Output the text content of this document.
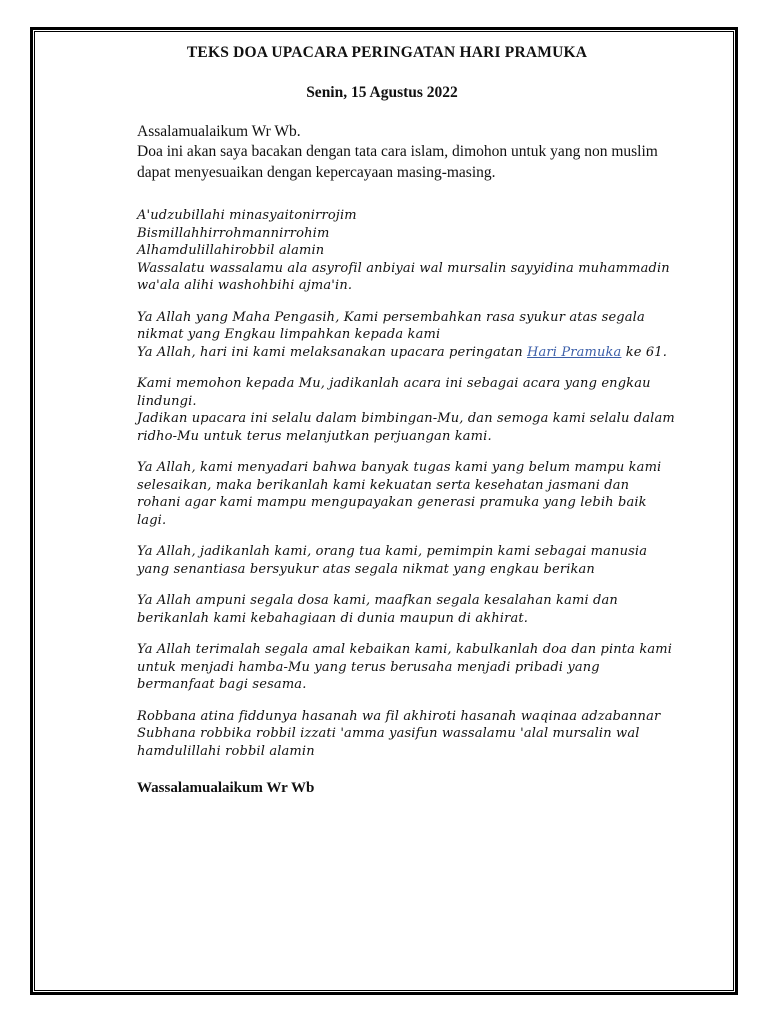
TEKS DOA UPACARA PERINGATAN HARI PRAMUKA

Senin, 15 Agustus 2022

Assalamualaikum Wr Wb.

Doa ini akan saya bacakan dengan tata cara islam, dimohon untuk yang non muslim dapat menyesuaikan dengan kepercayaan masing-masing.

A'udzubillahi minasyaitonirrojim
Bismillahhirrohmannirrohim
Alhamdulillahirobbil alamin
Wassalatu wassalamu ala asyrofil anbiyai wal mursalin sayyidina muhammadin wa'ala alihi washohbihi ajma'in.
Ya Allah yang Maha Pengasih, Kami persembahkan rasa syukur atas segala nikmat yang Engkau limpahkan kepada kami
Ya Allah, hari ini kami melaksanakan upacara peringatan Hari Pramuka ke 61.
Kami memohon kepada Mu, jadikanlah acara ini sebagai acara yang engkau lindungi.
Jadikan upacara ini selalu dalam bimbingan-Mu, dan semoga kami selalu dalam ridho-Mu untuk terus melanjutkan perjuangan kami.
Ya Allah, kami menyadari bahwa banyak tugas kami yang belum mampu kami selesaikan, maka berikanlah kami kekuatan serta kesehatan jasmani dan rohani agar kami mampu mengupayakan generasi pramuka yang lebih baik lagi.
Ya Allah, jadikanlah kami, orang tua kami, pemimpin kami sebagai manusia yang senantiasa bersyukur atas segala nikmat yang engkau berikan
Ya Allah ampuni segala dosa kami, maafkan segala kesalahan kami dan berikanlah kami kebahagiaan di dunia maupun di akhirat.
Ya Allah terimalah segala amal kebaikan kami, kabulkanlah doa dan pinta kami untuk menjadi hamba-Mu yang terus berusaha menjadi pribadi yang bermanfaat bagi sesama.
Robbana atina fiddunya hasanah wa fil akhiroti hasanah waqinaa adzabannar
Subhana robbika robbil izzati 'amma yasifun wassalamu 'alal mursalin wal hamdulillahi robbil alamin

Wassalamualaikum Wr Wb
